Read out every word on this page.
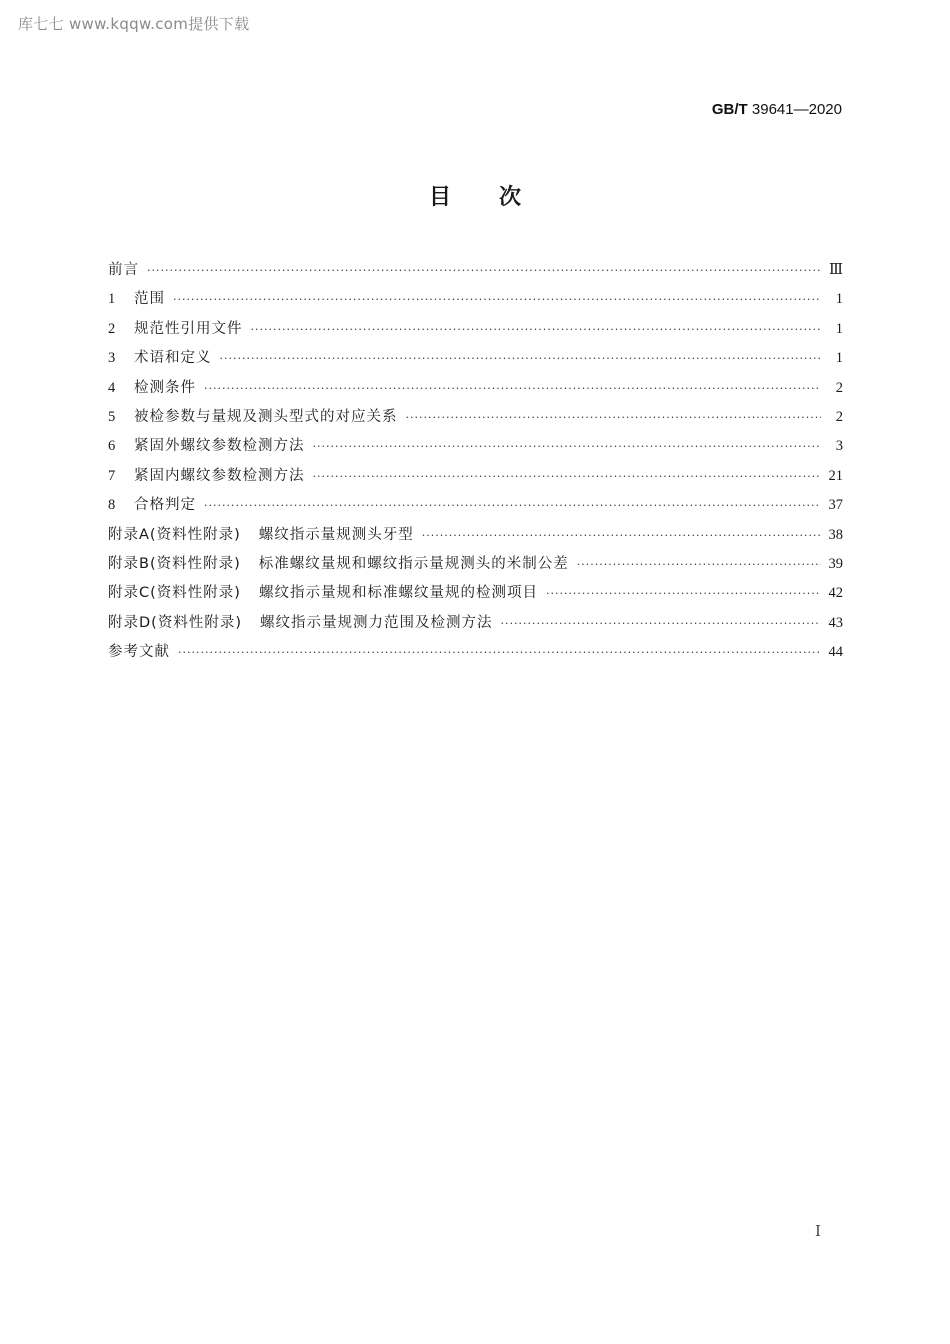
库七七 www.kqqw.com提供下载
GB/T 39641—2020
目次
前言 ·····	Ⅲ
1	范围 ·····	1
2	规范性引用文件 ·····	1
3	术语和定义 ·····	1
4	检测条件 ·····	2
5	被检参数与量规及测头型式的对应关系 ·····	2
6	紧固外螺纹参数检测方法 ·····	3
7	紧固内螺纹参数检测方法 ·····	21
8	合格判定 ·····	37
附录A(资料性附录) 螺纹指示量规测头牙型 ·····	38
附录B(资料性附录) 标准螺纹量规和螺纹指示量规测头的米制公差 ·····	39
附录C(资料性附录) 螺纹指示量规和标准螺纹量规的检测项目 ·····	42
附录D(资料性附录) 螺纹指示量规测力范围及检测方法 ·····	43
参考文献 ·····	44
Ⅰ
